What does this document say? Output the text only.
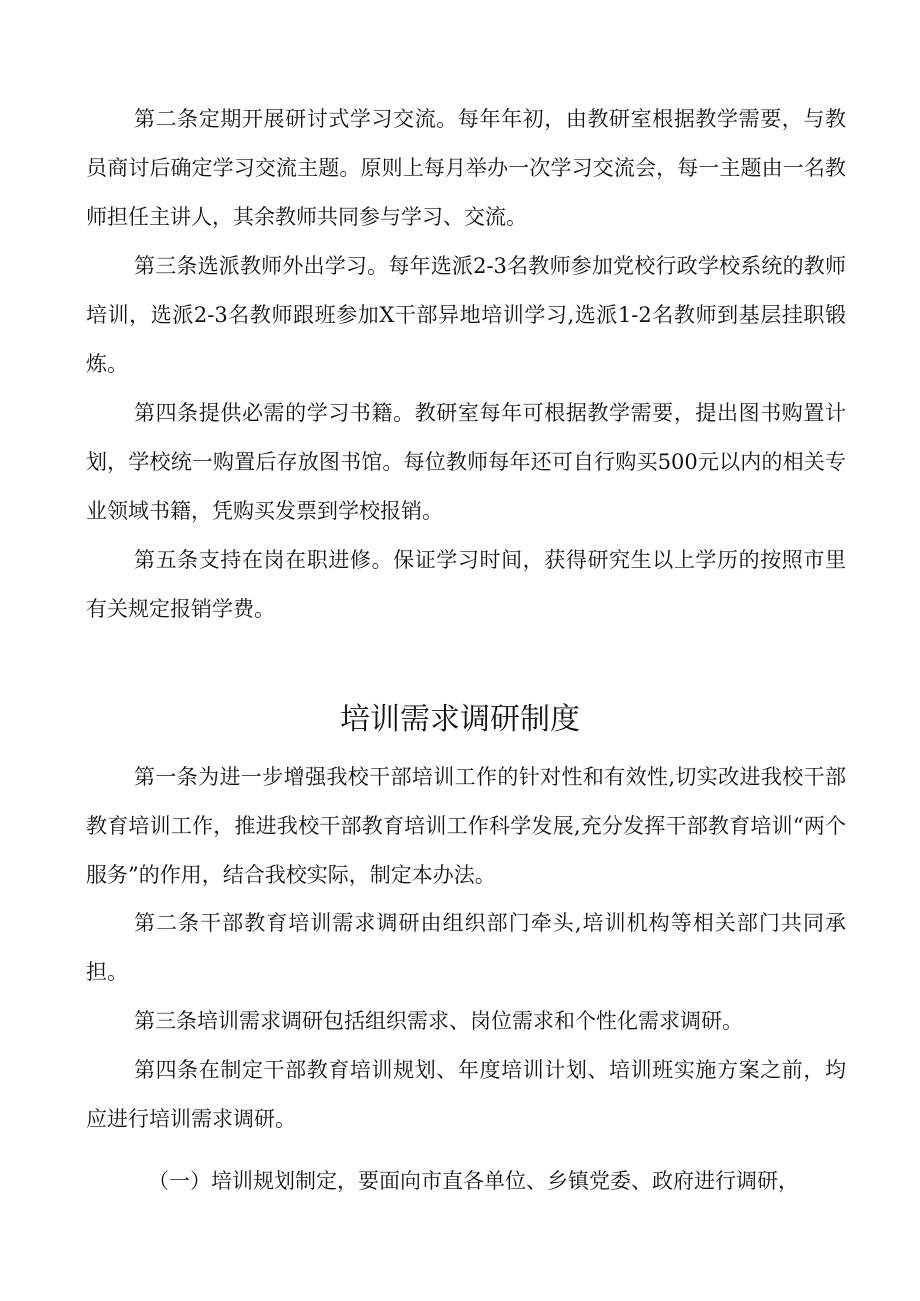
第二条定期开展研讨式学习交流。每年年初，由教研室根据教学需要，与教员商讨后确定学习交流主题。原则上每月举办一次学习交流会，每一主题由一名教师担任主讲人，其余教师共同参与学习、交流。

第三条选派教师外出学习。每年选派2-3名教师参加党校行政学校系统的教师培训，选派2-3名教师跟班参加X干部异地培训学习,选派1-2名教师到基层挂职锻炼。

第四条提供必需的学习书籍。教研室每年可根据教学需要，提出图书购置计划，学校统一购置后存放图书馆。每位教师每年还可自行购买500元以内的相关专业领域书籍，凭购买发票到学校报销。

第五条支持在岗在职进修。保证学习时间，获得研究生以上学历的按照市里有关规定报销学费。

培训需求调研制度

第一条为进一步增强我校干部培训工作的针对性和有效性,切实改进我校干部教育培训工作，推进我校干部教育培训工作科学发展,充分发挥干部教育培训“两个服务”的作用，结合我校实际，制定本办法。

第二条干部教育培训需求调研由组织部门牵头,培训机构等相关部门共同承担。

第三条培训需求调研包括组织需求、岗位需求和个性化需求调研。

第四条在制定干部教育培训规划、年度培训计划、培训班实施方案之前，均应进行培训需求调研。

（一）培训规划制定，要面向市直各单位、乡镇党委、政府进行调研，
